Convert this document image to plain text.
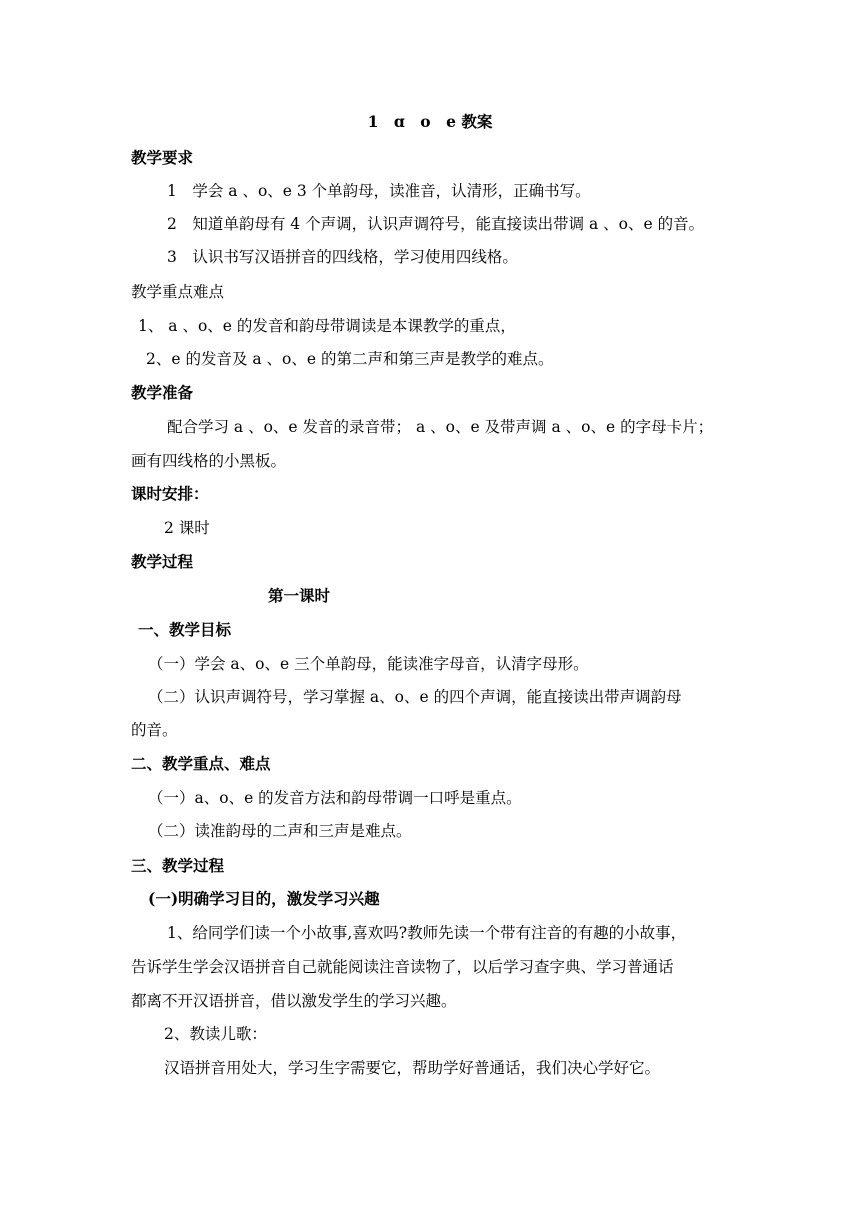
1　ɑ　o　e 教案
教学要求
1　学会 a 、o、e 3 个单韵母，读准音，认清形，正确书写。
2　知道单韵母有 4 个声调，认识声调符号，能直接读出带调 a 、o、e 的音。
3　认识书写汉语拼音的四线格，学习使用四线格。
教学重点难点
1、 a 、o、e 的发音和韵母带调读是本课教学的重点，
2、e 的发音及 a 、o、e 的第二声和第三声是教学的难点。
教学准备
配合学习 a 、o、e 发音的录音带； a 、o、e 及带声调 a 、o、e 的字母卡片；
画有四线格的小黑板。
课时安排：
2 课时
教学过程
第一课时
一、教学目标
（一）学会 a、o、e 三个单韵母，能读准字母音，认清字母形。
（二）认识声调符号，学习掌握 a、o、e 的四个声调，能直接读出带声调韵母
的音。
二、教学重点、难点
（一）a、o、e 的发音方法和韵母带调一口呼是重点。
（二）读准韵母的二声和三声是难点。
三、教学过程
(一)明确学习目的，激发学习兴趣
1、给同学们读一个小故事,喜欢吗?教师先读一个带有注音的有趣的小故事，
告诉学生学会汉语拼音自己就能阅读注音读物了，以后学习查字典、学习普通话
都离不开汉语拼音，借以激发学生的学习兴趣。
2、教读儿歌：
汉语拼音用处大，学习生字需要它，帮助学好普通话，我们决心学好它。
